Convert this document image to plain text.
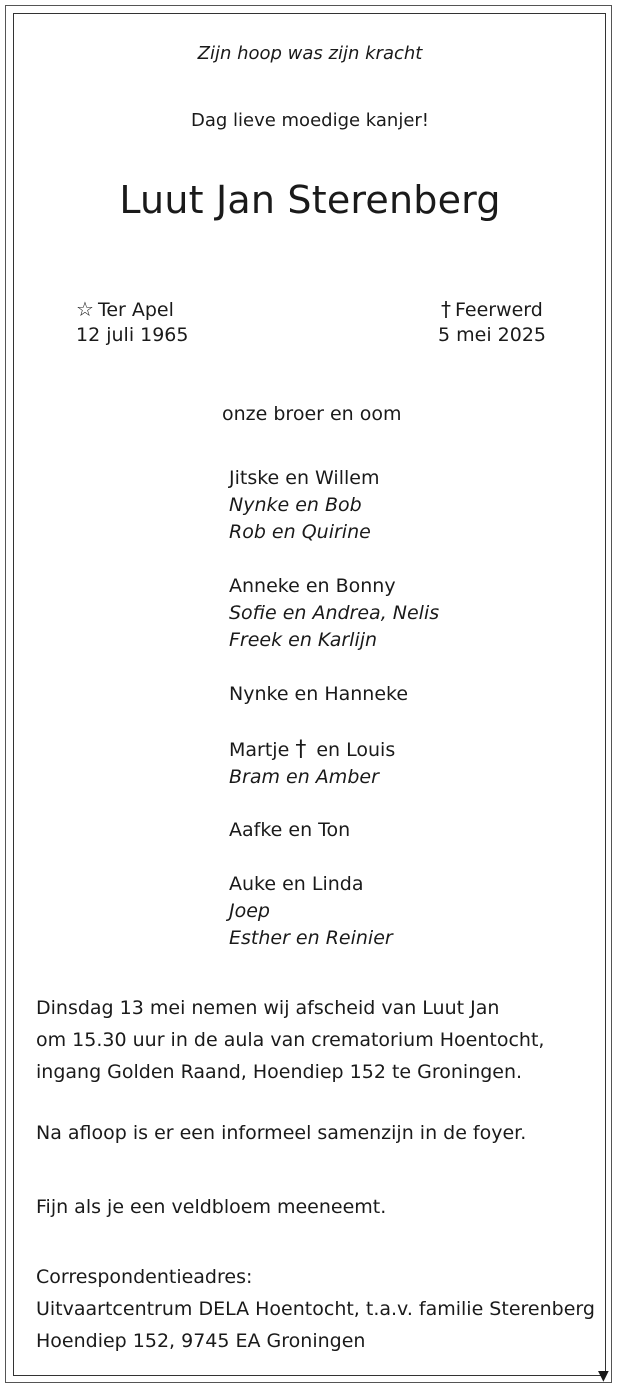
Zijn hoop was zijn kracht
Dag lieve moedige kanjer!
Luut Jan Sterenberg
☆ Ter Apel
12 juli 1965
† Feerwerd
5 mei 2025
onze broer en oom
Jitske en Willem
Nynke en Bob
Rob en Quirine
Anneke en Bonny
Sofie en Andrea, Nelis
Freek en Karlijn
Nynke en Hanneke
Martje † en Louis
Bram en Amber
Aafke en Ton
Auke en Linda
Joep
Esther en Reinier
Dinsdag 13 mei nemen wij afscheid van Luut Jan
om 15.30 uur in de aula van crematorium Hoentocht,
ingang Golden Raand, Hoendiep 152 te Groningen.
Na afloop is er een informeel samenzijn in de foyer.
Fijn als je een veldbloem meeneemt.
Correspondentieadres:
Uitvaartcentrum DELA Hoentocht, t.a.v. familie Sterenberg
Hoendiep 152, 9745 EA Groningen
▼
